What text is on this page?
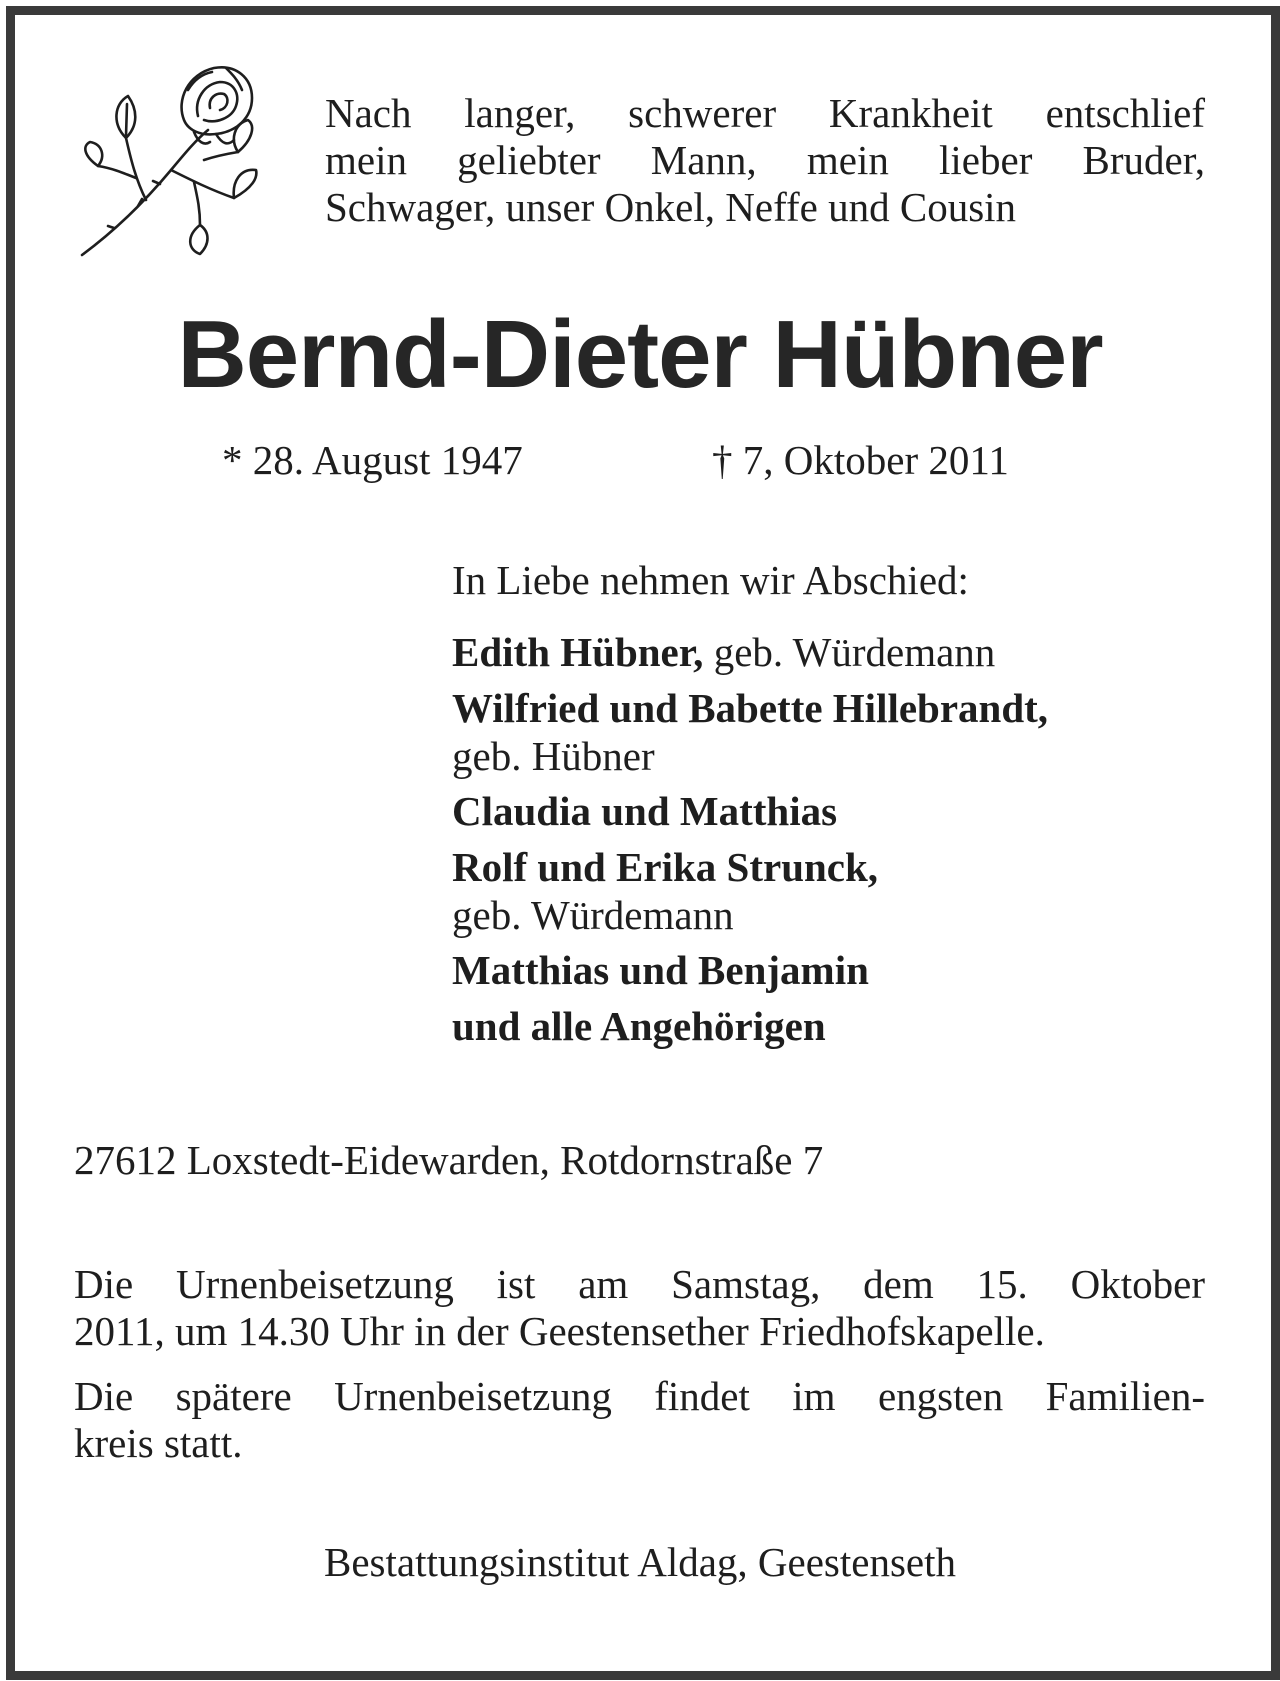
Nach langer, schwerer Krankheit entschlief
mein geliebter Mann, mein lieber Bruder,
Schwager, unser Onkel, Neffe und Cousin
Bernd-Dieter Hübner
* 28. August 1947	† 7, Oktober 2011
In Liebe nehmen wir Abschied:
Edith Hübner, geb. Würdemann
Wilfried und Babette Hillebrandt,
geb. Hübner
Claudia und Matthias
Rolf und Erika Strunck,
geb. Würdemann
Matthias und Benjamin
und alle Angehörigen
27612 Loxstedt-Eidewarden, Rotdornstraße 7
Die Urnenbeisetzung ist am Samstag, dem 15. Oktober
2011, um 14.30 Uhr in der Geestensether Friedhofskapelle.
Die spätere Urnenbeisetzung findet im engsten Familien-
kreis statt.
Bestattungsinstitut Aldag, Geestenseth
